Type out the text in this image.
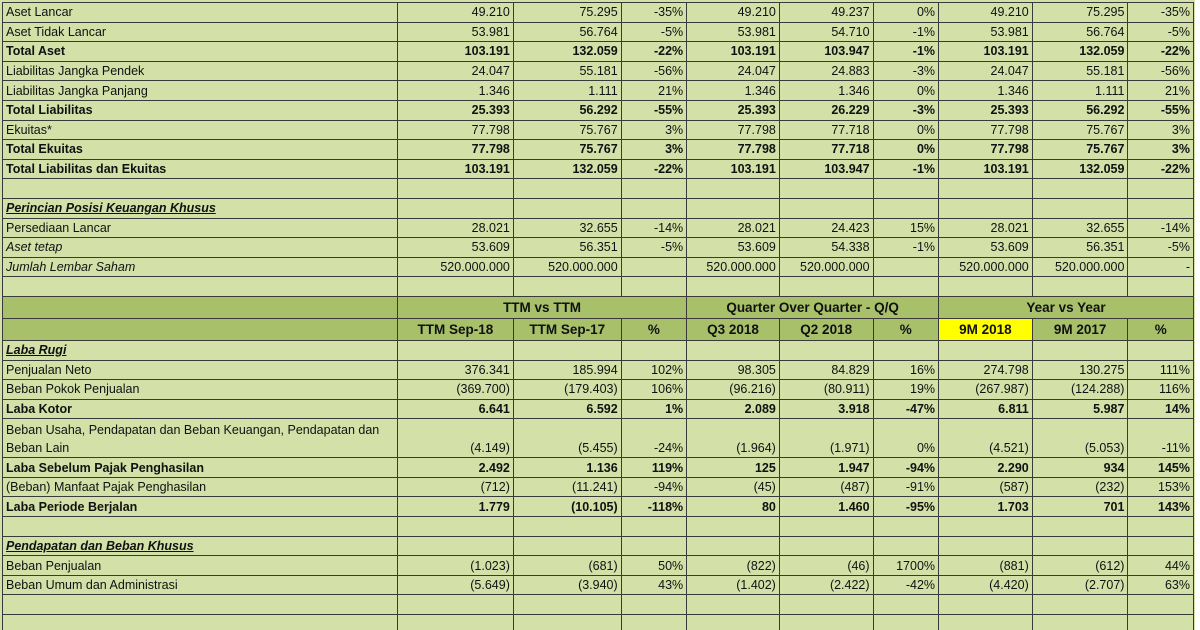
Aset Lancar	49.210	75.295	-35%	49.210	49.237	0%	49.210	75.295	-35%
Aset Tidak Lancar	53.981	56.764	-5%	53.981	54.710	-1%	53.981	56.764	-5%
Total Aset	103.191	132.059	-22%	103.191	103.947	-1%	103.191	132.059	-22%
Liabilitas Jangka Pendek	24.047	55.181	-56%	24.047	24.883	-3%	24.047	55.181	-56%
Liabilitas Jangka Panjang	1.346	1.111	21%	1.346	1.346	0%	1.346	1.111	21%
Total Liabilitas	25.393	56.292	-55%	25.393	26.229	-3%	25.393	56.292	-55%
Ekuitas*	77.798	75.767	3%	77.798	77.718	0%	77.798	75.767	3%
Total Ekuitas	77.798	75.767	3%	77.798	77.718	0%	77.798	75.767	3%
Total Liabilitas dan Ekuitas	103.191	132.059	-22%	103.191	103.947	-1%	103.191	132.059	-22%

Perincian Posisi Keuangan Khusus									
Persediaan Lancar	28.021	32.655	-14%	28.021	24.423	15%	28.021	32.655	-14%
Aset tetap	53.609	56.351	-5%	53.609	54.338	-1%	53.609	56.351	-5%
Jumlah Lembar Saham	520.000.000	520.000.000		520.000.000	520.000.000		520.000.000	520.000.000	-

	TTM vs TTM			Quarter Over Quarter - Q/Q			Year vs Year		
	TTM Sep-18	TTM Sep-17	%	Q3 2018	Q2 2018	%	9M 2018	9M 2017	%
Laba Rugi									
Penjualan Neto	376.341	185.994	102%	98.305	84.829	16%	274.798	130.275	111%
Beban Pokok Penjualan	(369.700)	(179.403)	106%	(96.216)	(80.911)	19%	(267.987)	(124.288)	116%
Laba Kotor	6.641	6.592	1%	2.089	3.918	-47%	6.811	5.987	14%
Beban Usaha, Pendapatan dan Beban Keuangan, Pendapatan dan Beban Lain	(4.149)	(5.455)	-24%	(1.964)	(1.971)	0%	(4.521)	(5.053)	-11%
Laba Sebelum Pajak Penghasilan	2.492	1.136	119%	125	1.947	-94%	2.290	934	145%
(Beban) Manfaat Pajak Penghasilan	(712)	(11.241)	-94%	(45)	(487)	-91%	(587)	(232)	153%
Laba Periode Berjalan	1.779	(10.105)	-118%	80	1.460	-95%	1.703	701	143%

Pendapatan dan Beban Khusus									
Beban Penjualan	(1.023)	(681)	50%	(822)	(46)	1700%	(881)	(612)	44%
Beban Umum dan Administrasi	(5.649)	(3.940)	43%	(1.402)	(2.422)	-42%	(4.420)	(2.707)	63%
